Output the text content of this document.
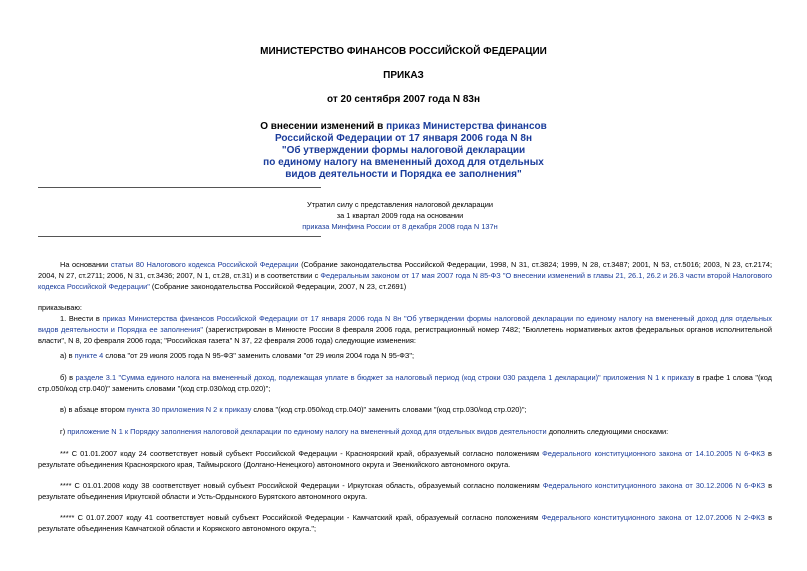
МИНИСТЕРСТВО ФИНАНСОВ РОССИЙСКОЙ ФЕДЕРАЦИИ
ПРИКАЗ
от 20 сентября 2007 года N 83н
О внесении изменений в приказ Министерства финансов
Российской Федерации от 17 января 2006 года N 8н
"Об утверждении формы налоговой декларации
по единому налогу на вмененный доход для отдельных
видов деятельности и Порядка ее заполнения"
Утратил силу с представления налоговой декларации
за 1 квартал 2009 года на основании
приказа Минфина России от 8 декабря 2008 года N 137н
На основании статьи 80 Налогового кодекса Российской Федерации (Собрание законодательства Российской Федерации, 1998, N 31, ст.3824; 1999, N 28, ст.3487; 2001, N 53, ст.5016; 2003, N 23, ст.2174; 2004, N 27, ст.2711; 2006, N 31, ст.3436; 2007, N 1, ст.28, ст.31) и в соответствии с Федеральным законом от 17 мая 2007 года N 85-ФЗ "О внесении изменений в главы 21, 26.1, 26.2 и 26.3 части второй Налогового кодекса Российской Федерации" (Собрание законодательства Российской Федерации, 2007, N 23, ст.2691)
приказываю:
1. Внести в приказ Министерства финансов Российской Федерации от 17 января 2006 года N 8н "Об утверждении формы налоговой декларации по единому налогу на вмененный доход для отдельных видов деятельности и Порядка ее заполнения" (зарегистрирован в Минюсте России 8 февраля 2006 года, регистрационный номер 7482; "Бюллетень нормативных актов федеральных органов исполнительной власти", N 8, 20 февраля 2006 года; "Российская газета" N 37, 22 февраля 2006 года) следующие изменения:
а) в пункте 4 слова "от 29 июля 2005 года N 95-ФЗ" заменить словами "от 29 июля 2004 года N 95-ФЗ";
б) в разделе 3.1 "Сумма единого налога на вмененный доход, подлежащая уплате в бюджет за налоговый период (код строки 030 раздела 1 декларации)" приложения N 1 к приказу в графе 1 слова "(код стр.050/код стр.040)" заменить словами "(код стр.030/код стр.020)";
в) в абзаце втором пункта 30 приложения N 2 к приказу слова "(код стр.050/код стр.040)" заменить словами "(код стр.030/код стр.020)";
г) приложение N 1 к Порядку заполнения налоговой декларации по единому налогу на вмененный доход для отдельных видов деятельности дополнить следующими сносками:
*** С 01.01.2007 коду 24 соответствует новый субъект Российской Федерации - Красноярский край, образуемый согласно положениям Федерального конституционного закона от 14.10.2005 N 6-ФКЗ в результате объединения Красноярского края, Таймырского (Долгано-Ненецкого) автономного округа и Эвенкийского автономного округа.
**** С 01.01.2008 коду 38 соответствует новый субъект Российской Федерации - Иркутская область, образуемый согласно положениям Федерального конституционного закона от 30.12.2006 N 6-ФКЗ в результате объединения Иркутской области и Усть-Ордынского Бурятского автономного округа.
***** С 01.07.2007 коду 41 соответствует новый субъект Российской Федерации - Камчатский край, образуемый согласно положениям Федерального конституционного закона от 12.07.2006 N 2-ФКЗ в результате объединения Камчатской области и Корякского автономного округа.";
